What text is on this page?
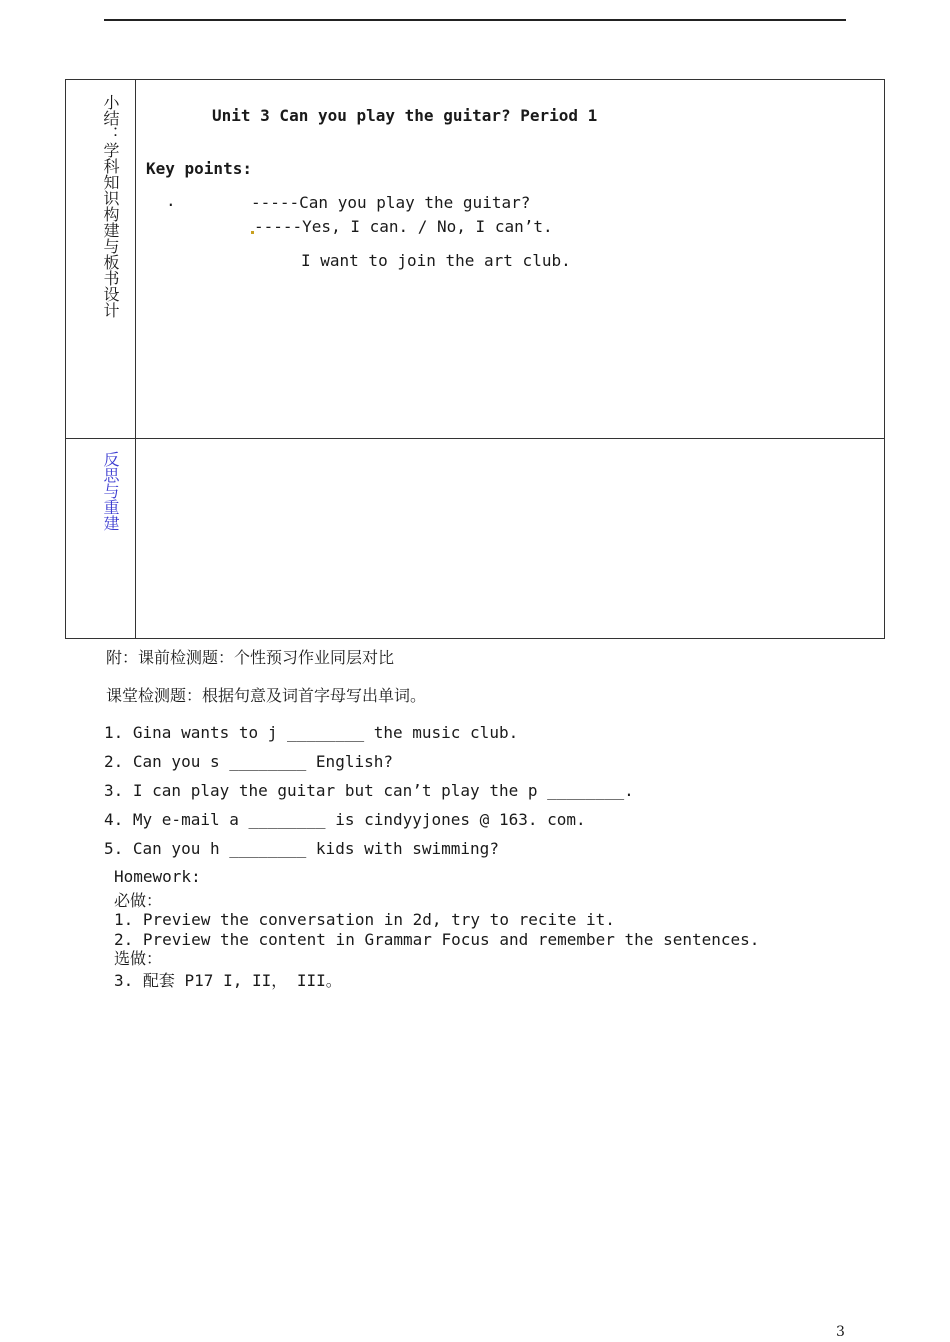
小结：学科知识构建与板书设计	Unit 3 Can you play the guitar? Period 1
Key points:
.	-----Can you play the guitar?
-----Yes, I can. / No, I can’t.
I want to join the art club.
反思与重建
附：课前检测题：个性预习作业同层对比
课堂检测题：根据句意及词首字母写出单词。
1. Gina wants to j ________ the music club.
2. Can you s ________ English?
3. I can play the guitar but can’t play the p ________.
4. My e-mail a ________ is cindyyjones @ 163. com.
5. Can you h ________ kids with swimming?
Homework:
必做：
1. Preview the conversation in 2d, try to recite it.
2. Preview the content in Grammar Focus and remember the sentences.
选做：
3. 配套 P17 I, II， III。
3
